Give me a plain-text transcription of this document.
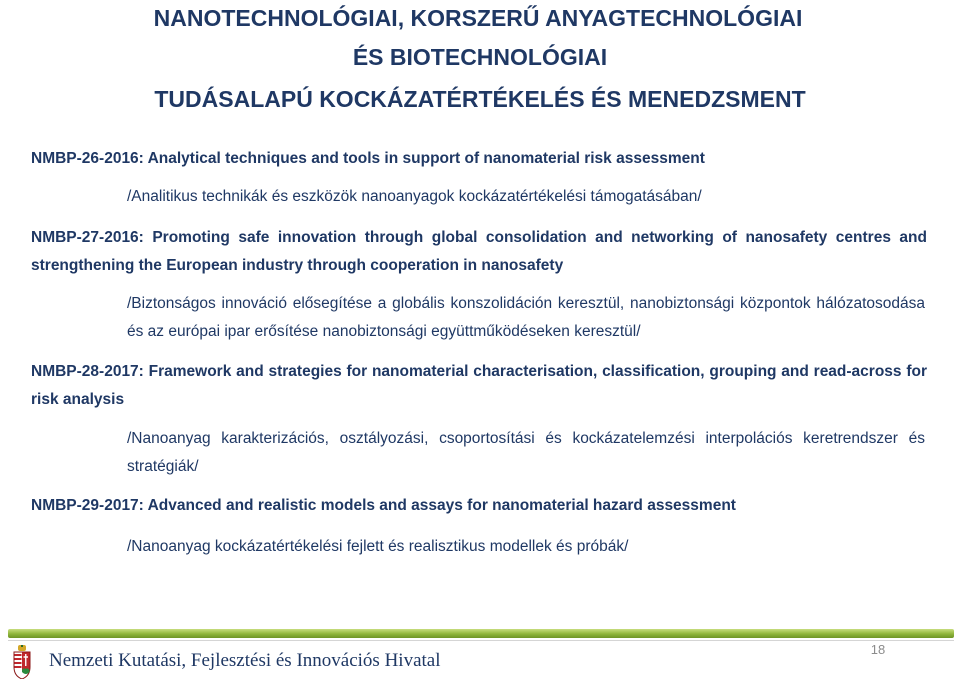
NANOTECHNOLÓGIAI, KORSZERŰ ANYAGTECHNOLÓGIAI
ÉS BIOTECHNOLÓGIAI
TUDÁSALAPÚ KOCKÁZATÉRTÉKELÉS ÉS MENEDZSMENT
NMBP-26-2016: Analytical techniques and tools in support of nanomaterial risk assessment
/Analitikus technikák és eszközök nanoanyagok kockázatértékelési támogatásában/
NMBP-27-2016: Promoting safe innovation through global consolidation and networking of nanosafety centres and strengthening the European industry through cooperation in nanosafety
/Biztonságos innováció elősegítése a globális konszolidáción keresztül, nanobiztonsági központok hálózatosodása és az európai ipar erősítése nanobiztonsági együttműködéseken keresztül/
NMBP-28-2017: Framework and strategies for nanomaterial characterisation, classification, grouping and read-across for risk analysis
/Nanoanyag karakterizációs, osztályozási, csoportosítási és kockázatelemzési interpolációs keretrendszer és stratégiák/
NMBP-29-2017: Advanced and realistic models and assays for nanomaterial hazard assessment
/Nanoanyag kockázatértékelési fejlett és realisztikus modellek és próbák/
Nemzeti Kutatási, Fejlesztési és Innovációs Hivatal
18
